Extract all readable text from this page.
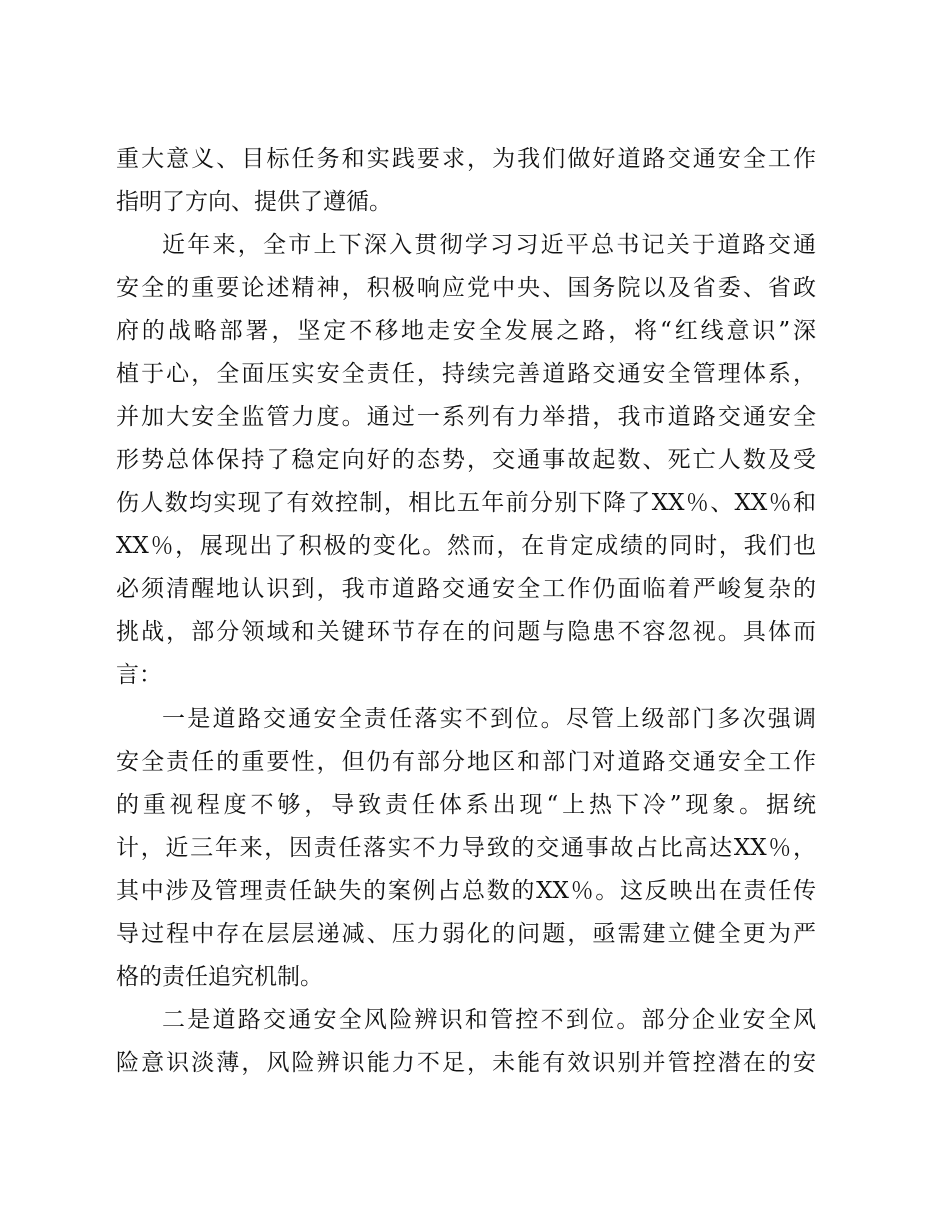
重大意义、目标任务和实践要求，为我们做好道路交通安全工作
指明了方向、提供了遵循。
近年来，全市上下深入贯彻学习习近平总书记关于道路交通
安全的重要论述精神，积极响应党中央、国务院以及省委、省政
府的战略部署，坚定不移地走安全发展之路，将“红线意识”深
植于心，全面压实安全责任，持续完善道路交通安全管理体系，
并加大安全监管力度。通过一系列有力举措，我市道路交通安全
形势总体保持了稳定向好的态势，交通事故起数、死亡人数及受
伤人数均实现了有效控制，相比五年前分别下降了XX％、XX％和
XX％，展现出了积极的变化。然而，在肯定成绩的同时，我们也
必须清醒地认识到，我市道路交通安全工作仍面临着严峻复杂的
挑战，部分领域和关键环节存在的问题与隐患不容忽视。具体而
言：
一是道路交通安全责任落实不到位。尽管上级部门多次强调
安全责任的重要性，但仍有部分地区和部门对道路交通安全工作
的重视程度不够，导致责任体系出现“上热下冷”现象。据统
计，近三年来，因责任落实不力导致的交通事故占比高达XX％，
其中涉及管理责任缺失的案例占总数的XX％。这反映出在责任传
导过程中存在层层递减、压力弱化的问题，亟需建立健全更为严
格的责任追究机制。
二是道路交通安全风险辨识和管控不到位。部分企业安全风
险意识淡薄，风险辨识能力不足，未能有效识别并管控潜在的安
